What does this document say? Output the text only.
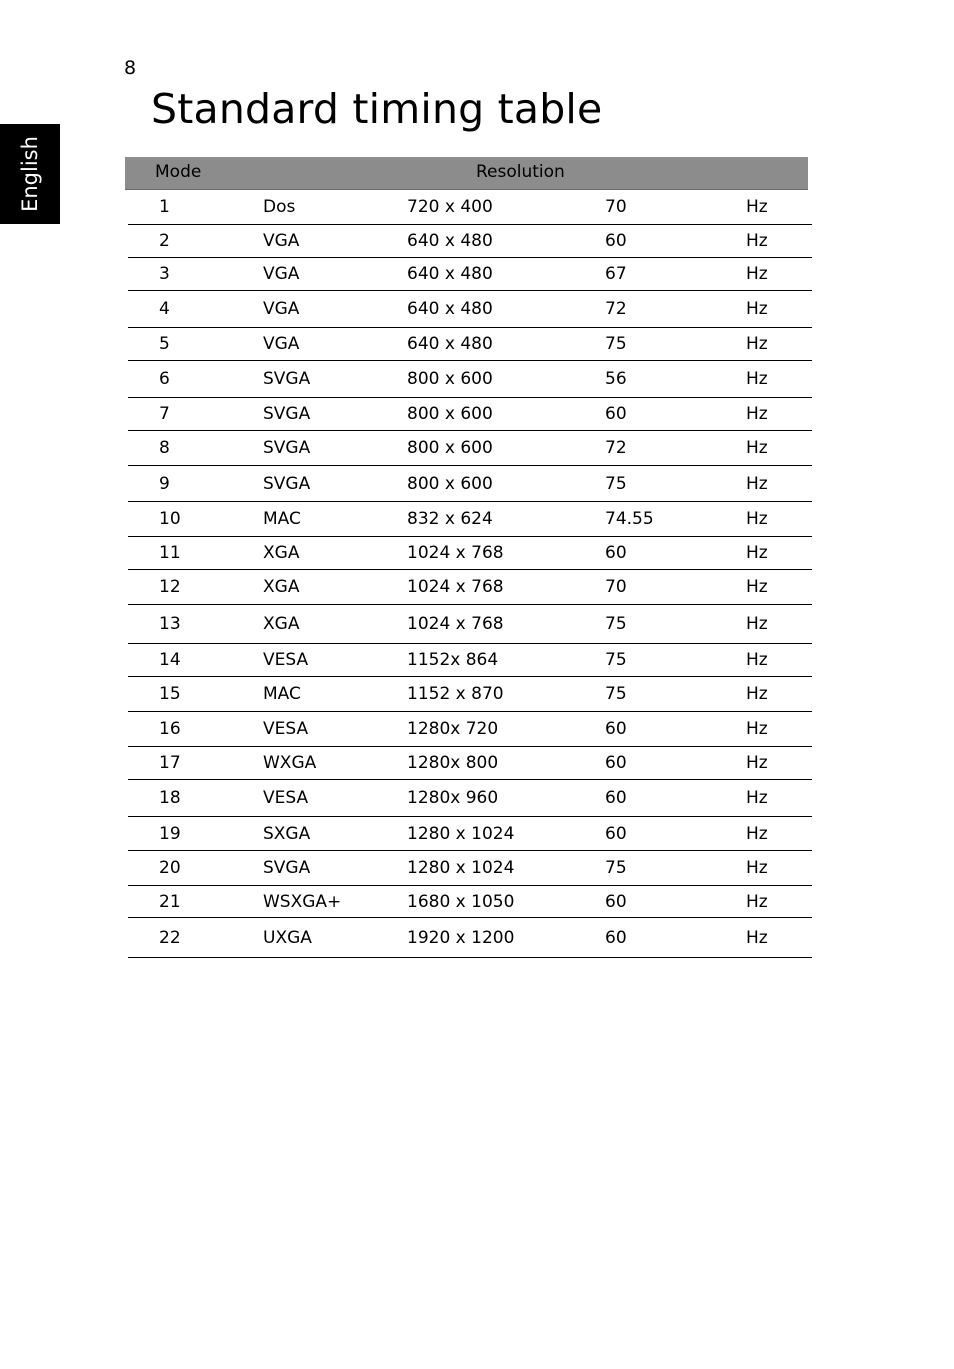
8
English
Standard timing table
Mode	Resolution
1	Dos	720 x 400	70	Hz
2	VGA	640 x 480	60	Hz
3	VGA	640 x 480	67	Hz
4	VGA	640 x 480	72	Hz
5	VGA	640 x 480	75	Hz
6	SVGA	800 x 600	56	Hz
7	SVGA	800 x 600	60	Hz
8	SVGA	800 x 600	72	Hz
9	SVGA	800 x 600	75	Hz
10	MAC	832 x 624	74.55	Hz
11	XGA	1024 x 768	60	Hz
12	XGA	1024 x 768	70	Hz
13	XGA	1024 x 768	75	Hz
14	VESA	1152x 864	75	Hz
15	MAC	1152 x 870	75	Hz
16	VESA	1280x 720	60	Hz
17	WXGA	1280x 800	60	Hz
18	VESA	1280x 960	60	Hz
19	SXGA	1280 x 1024	60	Hz
20	SVGA	1280 x 1024	75	Hz
21	WSXGA+	1680 x 1050	60	Hz
22	UXGA	1920 x 1200	60	Hz
